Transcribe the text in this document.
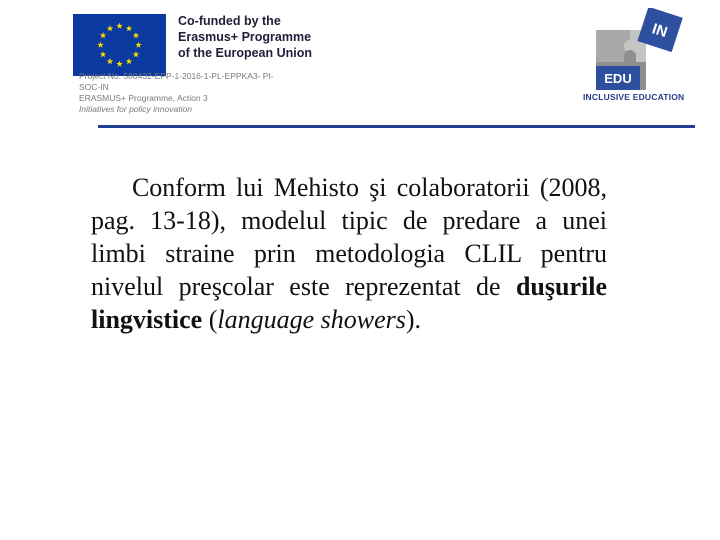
Co-funded by the
Erasmus+ Programme
of the European Union
Project No. 580432-EPP-1-2016-1-PL-EPPKA3- PI-
SOC-IN
ERASMUS+ Programme, Action 3
Initiatives for policy innovation
EDU
IN
INCLUSIVE EDUCATION

Conform lui Mehisto şi colaboratorii (2008, pag. 13-18), modelul tipic de predare a unei limbi straine prin metodologia CLIL pentru nivelul preşcolar este reprezentat de duşurile lingvistice (language showers).
